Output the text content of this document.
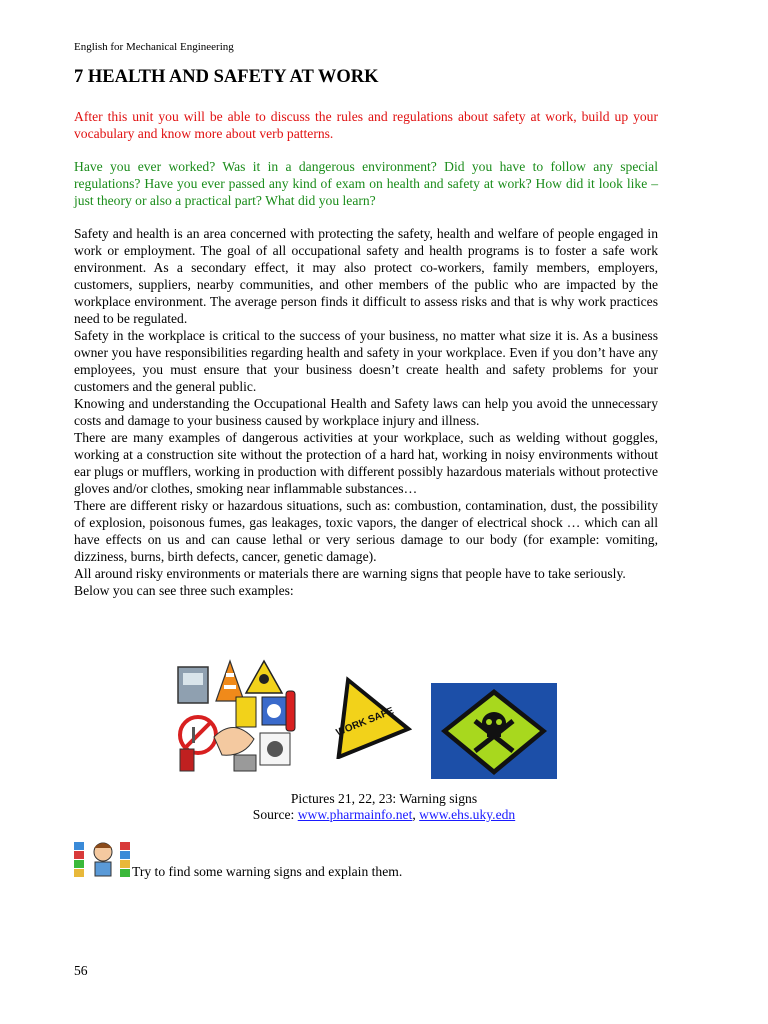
English for Mechanical Engineering
7 HEALTH AND SAFETY AT WORK

After this unit you will be able to discuss the rules and regulations about safety at work, build up your vocabulary and know more about verb patterns.

Have you ever worked? Was it in a dangerous environment? Did you have to follow any special regulations? Have you ever passed any kind of exam on health and safety at work? How did it look like – just theory or also a practical part? What did you learn?

Safety and health is an area concerned with protecting the safety, health and welfare of people engaged in work or employment. The goal of all occupational safety and health programs is to foster a safe work environment. As a secondary effect, it may also protect co-workers, family members, employers, customers, suppliers, nearby communities, and other members of the public who are impacted by the workplace environment. The average person finds it difficult to assess risks and that is why work practices need to be regulated.

Safety in the workplace is critical to the success of your business, no matter what size it is. As a business owner you have responsibilities regarding health and safety in your workplace. Even if you don’t have any employees, you must ensure that your business doesn’t create health and safety problems for your customers and the general public.

Knowing and understanding the Occupational Health and Safety laws can help you avoid the unnecessary costs and damage to your business caused by workplace injury and illness.

There are many examples of dangerous activities at your workplace, such as welding without goggles, working at a construction site without the protection of a hard hat, working in noisy environments without ear plugs or mufflers, working in production with different possibly hazardous materials without protective gloves and/or clothes, smoking near inflammable substances…

There are different risky or hazardous situations, such as: combustion, contamination, dust, the possibility of explosion, poisonous fumes, gas leakages, toxic vapors, the danger of electrical shock … which can all have effects on us and can cause lethal or very serious damage to our body (for example: vomiting, dizziness, burns, birth defects, cancer, genetic damage).

All around risky environments or materials there are warning signs that people have to take seriously.

Below you can see three such examples:

WORK SAFE
Pictures 21, 22, 23: Warning signs
Source: www.pharmainfo.net, www.ehs.uky.edn
Try to find some warning signs and explain them.
56
